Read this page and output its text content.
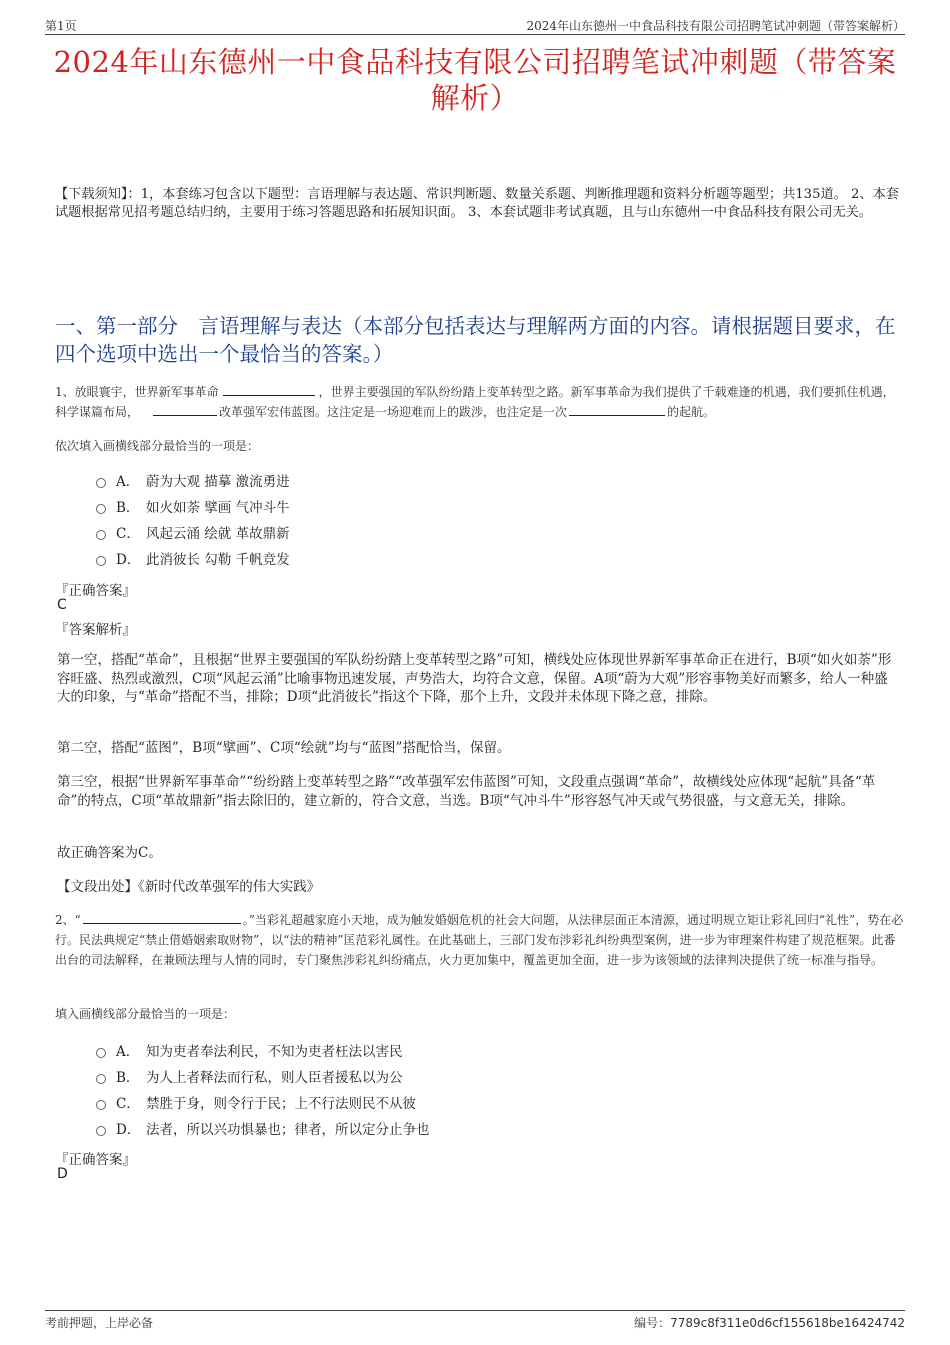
第1页	2024年山东德州一中食品科技有限公司招聘笔试冲刺题（带答案解析）
2024年山东德州一中食品科技有限公司招聘笔试冲刺题（带答案解析）
【下载须知】：1，本套练习包含以下题型：言语理解与表达题、常识判断题、数量关系题、判断推理题和资料分析题等题型；共135道。 2、本套试题根据常见招考题总结归纳，主要用于练习答题思路和拓展知识面。 3、本套试题非考试真题，且与山东德州一中食品科技有限公司无关。
一、第一部分　言语理解与表达（本部分包括表达与理解两方面的内容。请根据题目要求，在四个选项中选出一个最恰当的答案。）
1、放眼寰宇，世界新军事革命	，世界主要强国的军队纷纷踏上变革转型之路。新军事革命为我们提供了千载难逢的机遇，我们要抓住机遇，科学谋篇布局，	改革强军宏伟蓝图。这注定是一场迎难而上的跋涉，也注定是一次	的起航。
依次填入画横线部分最恰当的一项是：
A． 蔚为大观 描摹 激流勇进
B． 如火如荼 擘画 气冲斗牛
C． 风起云涌 绘就 革故鼎新
D． 此消彼长 勾勒 千帆竞发
『正确答案』
C
『答案解析』
第一空，搭配“革命”，且根据“世界主要强国的军队纷纷踏上变革转型之路”可知，横线处应体现世界新军事革命正在进行，B项“如火如荼”形容旺盛、热烈或激烈，C项“风起云涌”比喻事物迅速发展，声势浩大，均符合文意，保留。A项“蔚为大观”形容事物美好而繁多，给人一种盛大的印象，与“革命”搭配不当，排除；D项“此消彼长”指这个下降，那个上升，文段并未体现下降之意，排除。
第二空，搭配“蓝图”，B项“擘画”、C项“绘就”均与“蓝图”搭配恰当，保留。
第三空，根据“世界新军事革命”“纷纷踏上变革转型之路”“改革强军宏伟蓝图”可知，文段重点强调“革命”，故横线处应体现“起航”具备“革命”的特点，C项“革故鼎新”指去除旧的，建立新的，符合文意，当选。B项“气冲斗牛”形容怒气冲天或气势很盛，与文意无关，排除。
故正确答案为C。
【文段出处】《新时代改革强军的伟大实践》
2、“	。”当彩礼超越家庭小天地，成为触发婚姻危机的社会大问题，从法律层面正本清源，通过明规立矩让彩礼回归“礼性”，势在必行。民法典规定“禁止借婚姻索取财物”，以“法的精神”匡范彩礼属性。在此基础上，三部门发布涉彩礼纠纷典型案例，进一步为审理案件构建了规范框架。此番出台的司法解释，在兼顾法理与人情的同时，专门聚焦涉彩礼纠纷痛点，火力更加集中，覆盖更加全面，进一步为该领域的法律判决提供了统一标准与指导。
填入画横线部分最恰当的一项是：
A． 知为吏者奉法利民，不知为吏者枉法以害民
B． 为人上者释法而行私，则人臣者援私以为公
C． 禁胜于身，则令行于民；上不行法则民不从彼
D． 法者，所以兴功惧暴也；律者，所以定分止争也
『正确答案』
D
考前押题，上岸必备	编号：7789c8f311e0d6cf155618be16424742
